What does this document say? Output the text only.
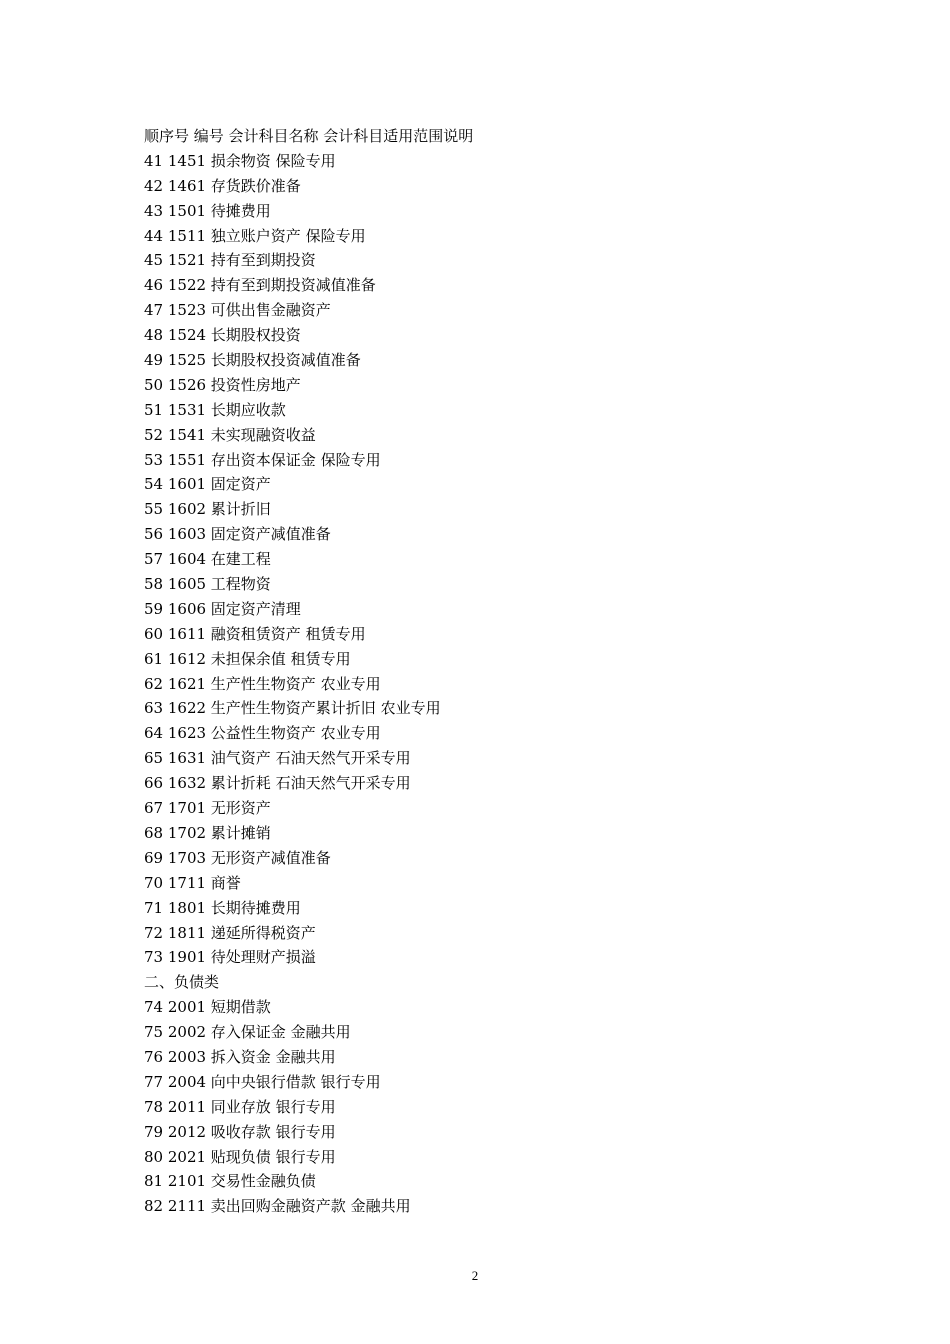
顺序号 编号 会计科目名称 会计科目适用范围说明
41 1451 损余物资 保险专用
42 1461 存货跌价准备
43 1501 待摊费用
44 1511 独立账户资产 保险专用
45 1521 持有至到期投资
46 1522 持有至到期投资减值准备
47 1523 可供出售金融资产
48 1524 长期股权投资
49 1525 长期股权投资减值准备
50 1526 投资性房地产
51 1531 长期应收款
52 1541 未实现融资收益
53 1551 存出资本保证金 保险专用
54 1601 固定资产
55 1602 累计折旧
56 1603 固定资产减值准备
57 1604 在建工程
58 1605 工程物资
59 1606 固定资产清理
60 1611 融资租赁资产 租赁专用
61 1612 未担保余值 租赁专用
62 1621 生产性生物资产 农业专用
63 1622 生产性生物资产累计折旧 农业专用
64 1623 公益性生物资产 农业专用
65 1631 油气资产 石油天然气开采专用
66 1632 累计折耗 石油天然气开采专用
67 1701 无形资产
68 1702 累计摊销
69 1703 无形资产减值准备
70 1711 商誉
71 1801 长期待摊费用
72 1811 递延所得税资产
73 1901 待处理财产损溢
二、负债类
74 2001 短期借款
75 2002 存入保证金 金融共用
76 2003 拆入资金 金融共用
77 2004 向中央银行借款 银行专用
78 2011 同业存放 银行专用
79 2012 吸收存款 银行专用
80 2021 贴现负债 银行专用
81 2101 交易性金融负债
82 2111 卖出回购金融资产款 金融共用
2
